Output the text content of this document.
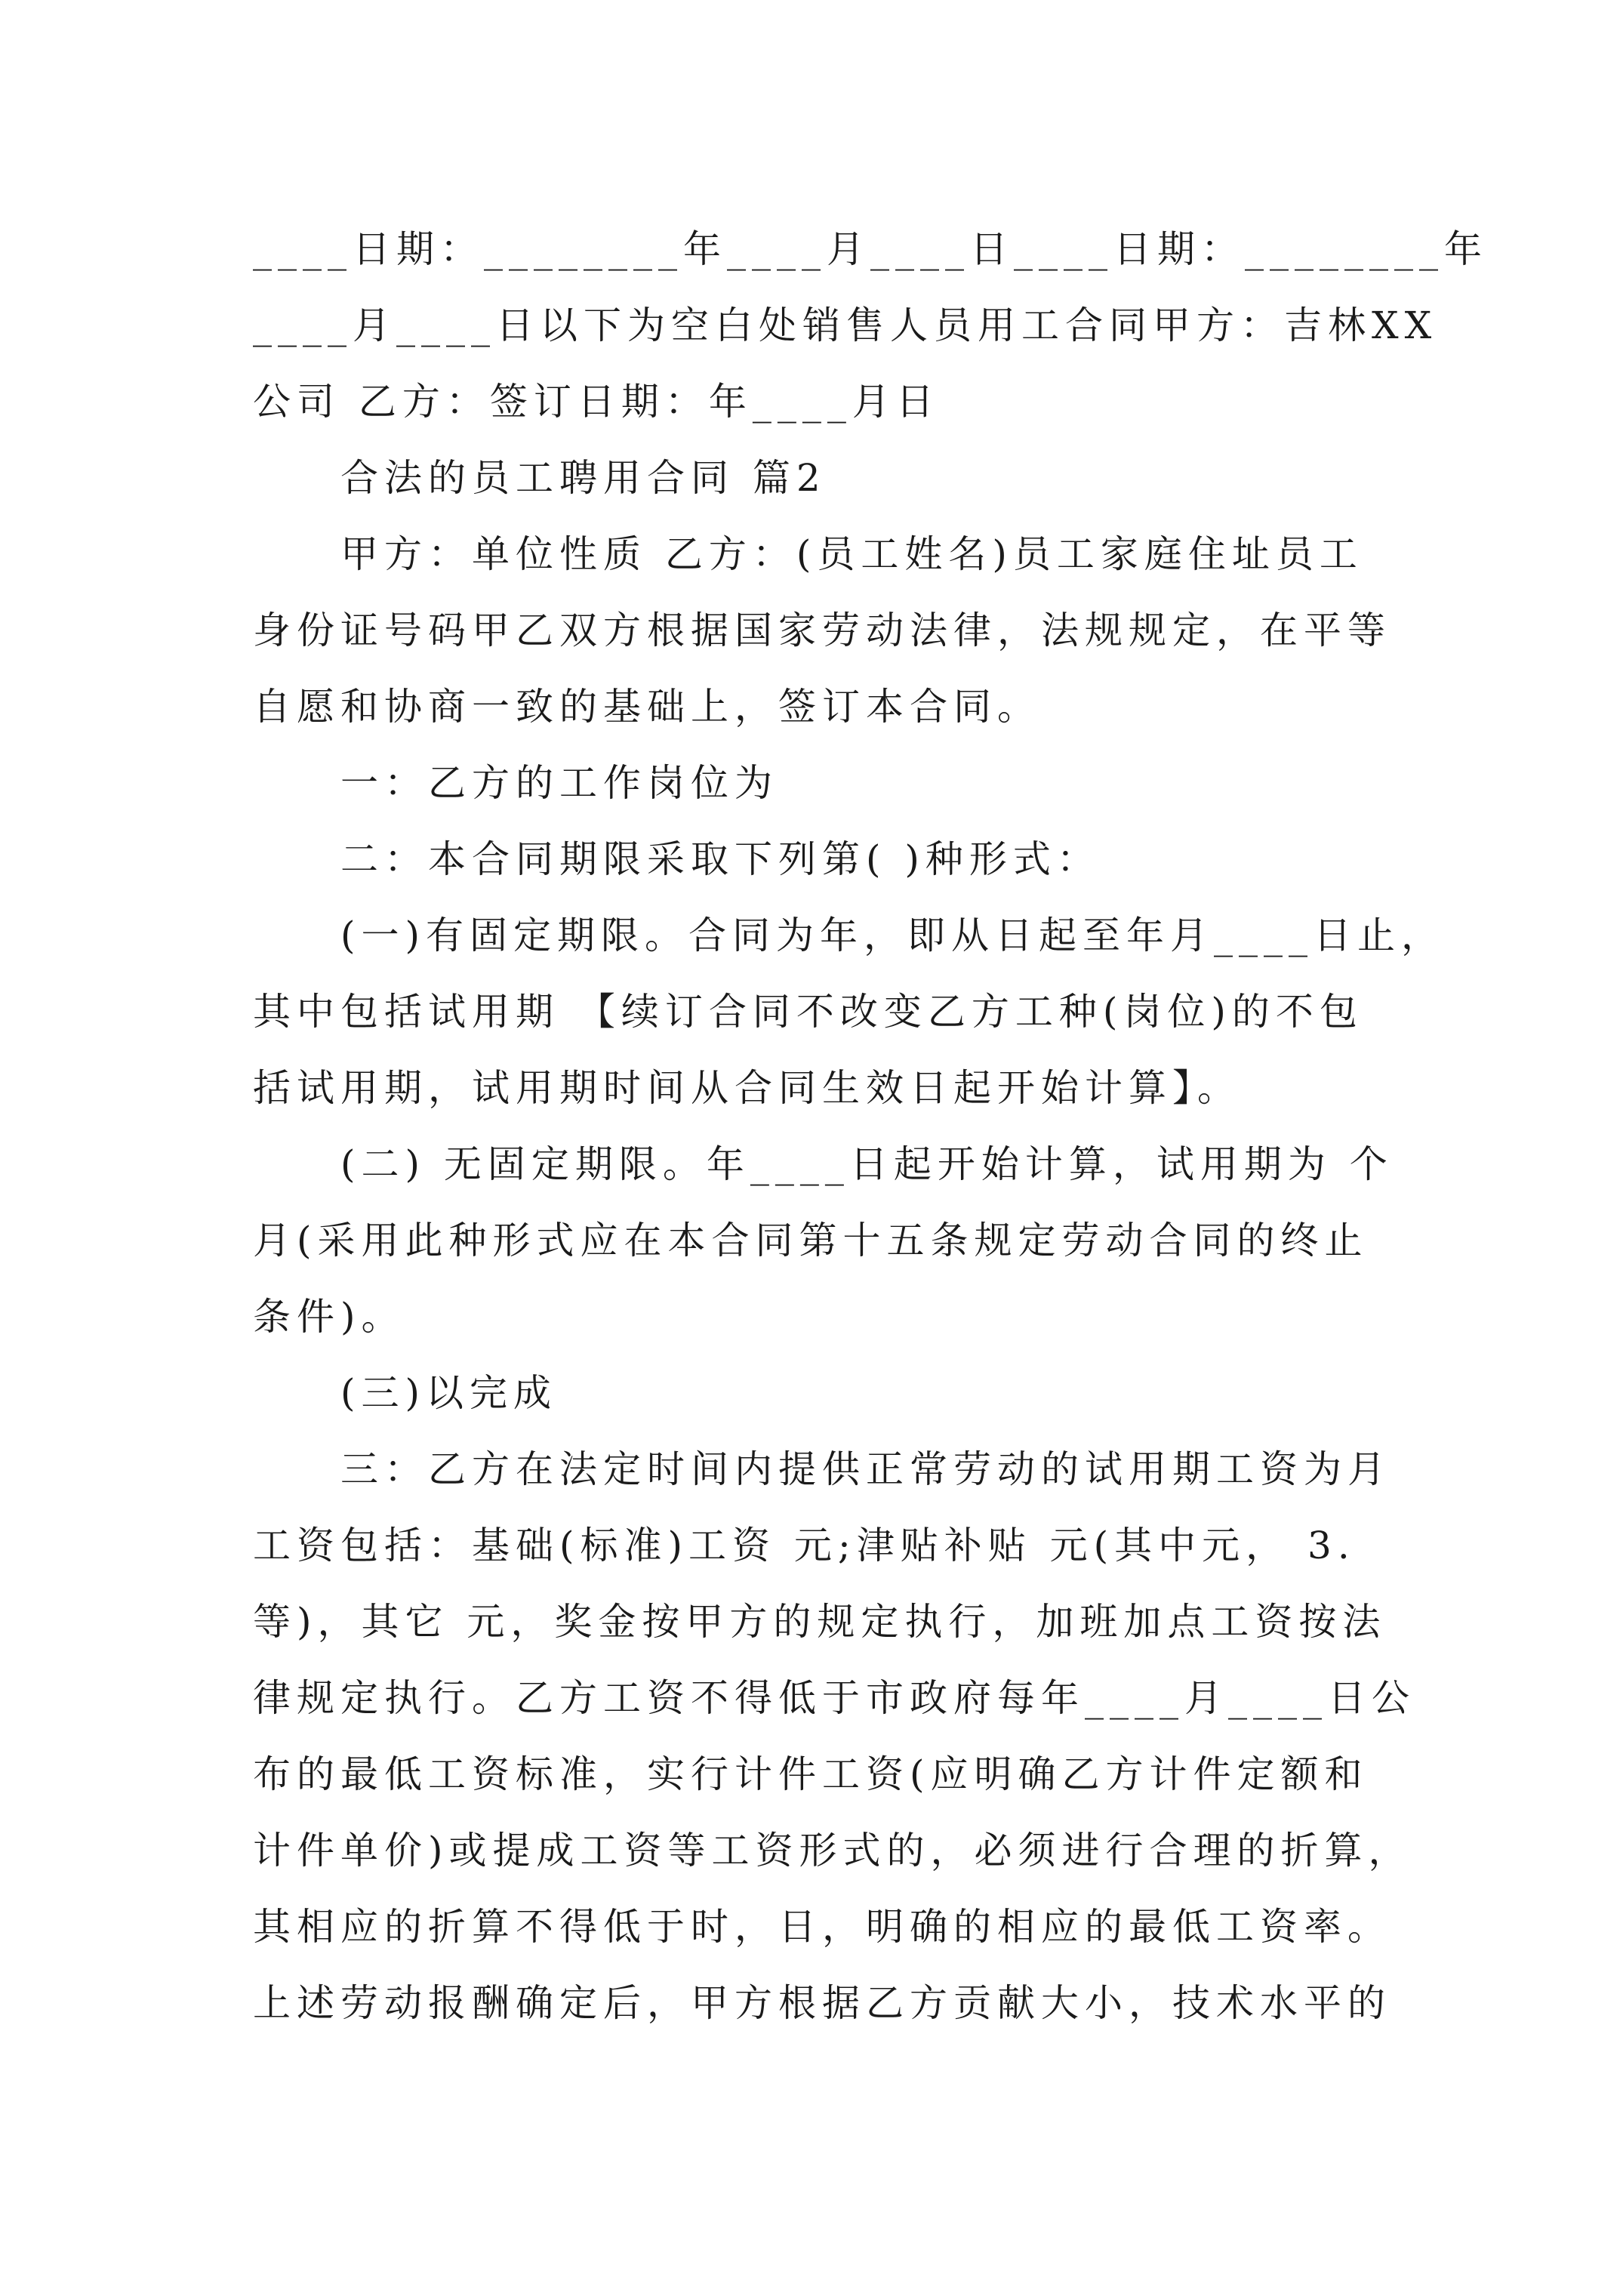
____日期：________年____月____日____日期：________年
____月____日以下为空白处销售人员用工合同甲方：吉林XX
公司 乙方：签订日期：年____月日
合法的员工聘用合同 篇2
甲方：单位性质 乙方：(员工姓名)员工家庭住址员工
身份证号码甲乙双方根据国家劳动法律，法规规定，在平等
自愿和协商一致的基础上，签订本合同。
一：乙方的工作岗位为
二：本合同期限采取下列第( )种形式：
(一)有固定期限。合同为年，即从日起至年月____日止，
其中包括试用期 【续订合同不改变乙方工种(岗位)的不包
括试用期，试用期时间从合同生效日起开始计算】。
(二) 无固定期限。年____日起开始计算，试用期为 个
月(采用此种形式应在本合同第十五条规定劳动合同的终止
条件)。
(三)以完成
三：乙方在法定时间内提供正常劳动的试用期工资为月
工资包括：基础(标准)工资 元;津贴补贴 元(其中元， 3.
等)，其它 元，奖金按甲方的规定执行，加班加点工资按法
律规定执行。乙方工资不得低于市政府每年____月____日公
布的最低工资标准，实行计件工资(应明确乙方计件定额和
计件单价)或提成工资等工资形式的，必须进行合理的折算，
其相应的折算不得低于时，日，明确的相应的最低工资率。
上述劳动报酬确定后，甲方根据乙方贡献大小，技术水平的
